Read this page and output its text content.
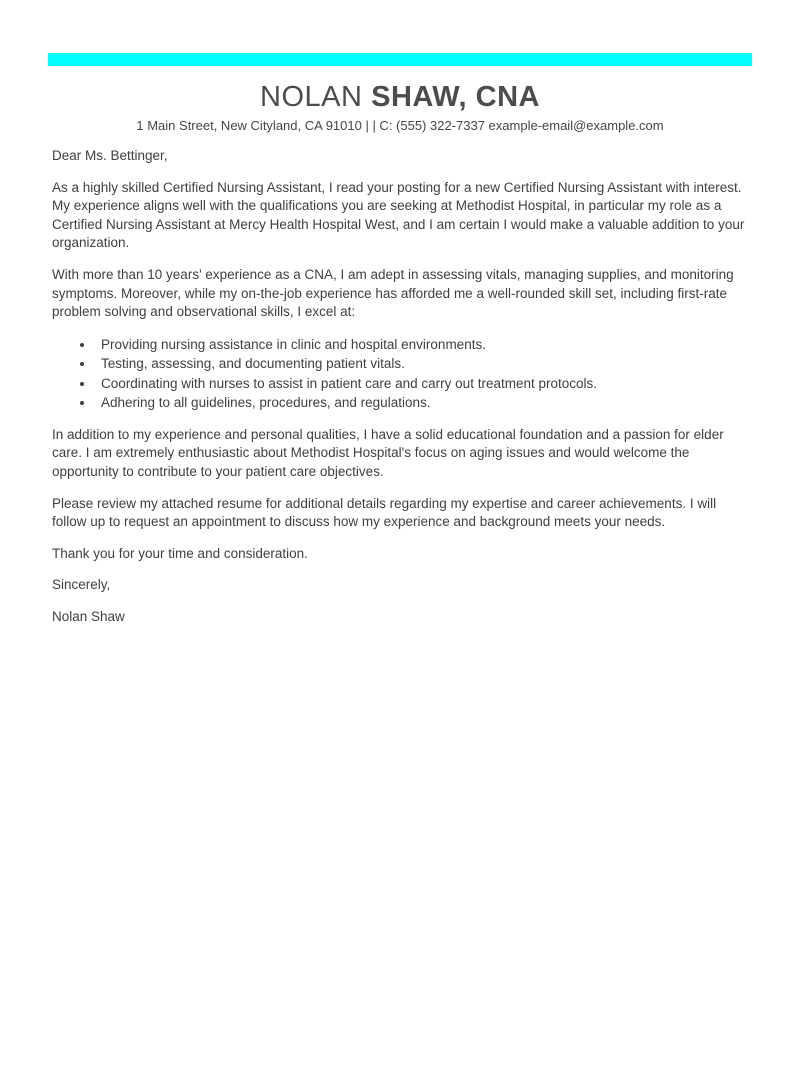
NOLAN SHAW, CNA
1 Main Street, New Cityland, CA 91010 | | C: (555) 322-7337 example-email@example.com

Dear Ms. Bettinger,

As a highly skilled Certified Nursing Assistant, I read your posting for a new Certified Nursing Assistant with interest. My experience aligns well with the qualifications you are seeking at Methodist Hospital, in particular my role as a Certified Nursing Assistant at Mercy Health Hospital West, and I am certain I would make a valuable addition to your organization.

With more than 10 years' experience as a CNA, I am adept in assessing vitals, managing supplies, and monitoring symptoms. Moreover, while my on-the-job experience has afforded me a well-rounded skill set, including first-rate problem solving and observational skills, I excel at:

• Providing nursing assistance in clinic and hospital environments.
• Testing, assessing, and documenting patient vitals.
• Coordinating with nurses to assist in patient care and carry out treatment protocols.
• Adhering to all guidelines, procedures, and regulations.

In addition to my experience and personal qualities, I have a solid educational foundation and a passion for elder care. I am extremely enthusiastic about Methodist Hospital's focus on aging issues and would welcome the opportunity to contribute to your patient care objectives.

Please review my attached resume for additional details regarding my expertise and career achievements. I will follow up to request an appointment to discuss how my experience and background meets your needs.

Thank you for your time and consideration.

Sincerely,

Nolan Shaw
